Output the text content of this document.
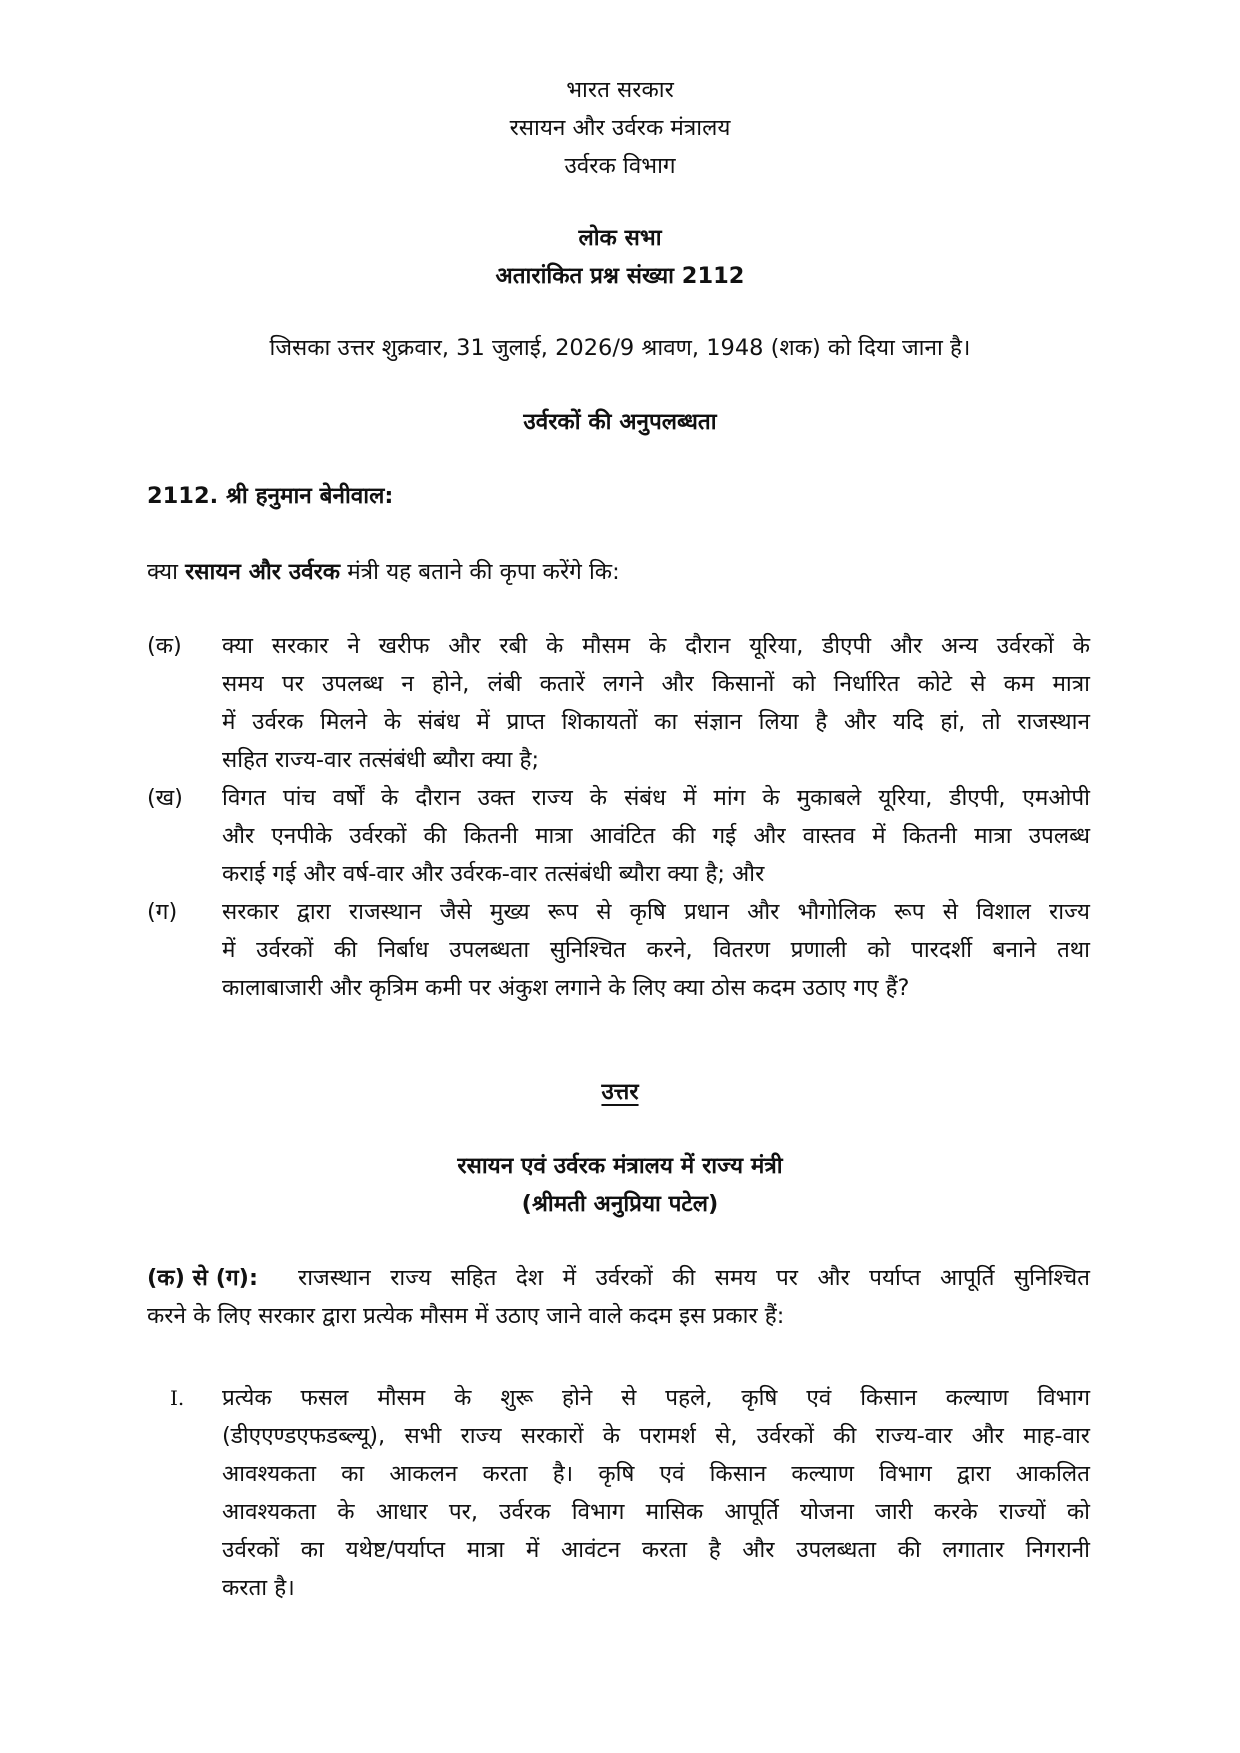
भारत सरकार
रसायन और उर्वरक मंत्रालय
उर्वरक विभाग
लोक सभा
अतारांकित प्रश्न संख्या 2112
जिसका उत्तर शुक्रवार, 31 जुलाई, 2026/9 श्रावण, 1948 (शक) को दिया जाना है।
उर्वरकों की अनुपलब्धता
2112. श्री हनुमान बेनीवाल:
क्या रसायन और उर्वरक मंत्री यह बताने की कृपा करेंगे कि:
(क) क्या सरकार ने खरीफ और रबी के मौसम के दौरान यूरिया, डीएपी और अन्य उर्वरकों के
समय पर उपलब्ध न होने, लंबी कतारें लगने और किसानों को निर्धारित कोटे से कम मात्रा
में उर्वरक मिलने के संबंध में प्राप्त शिकायतों का संज्ञान लिया है और यदि हां, तो राजस्थान
सहित राज्य-वार तत्संबंधी ब्यौरा क्या है;
(ख) विगत पांच वर्षों के दौरान उक्त राज्य के संबंध में मांग के मुकाबले यूरिया, डीएपी, एमओपी
और एनपीके उर्वरकों की कितनी मात्रा आवंटित की गई और वास्तव में कितनी मात्रा उपलब्ध
कराई गई और वर्ष-वार और उर्वरक-वार तत्संबंधी ब्यौरा क्या है; और
(ग) सरकार द्वारा राजस्थान जैसे मुख्य रूप से कृषि प्रधान और भौगोलिक रूप से विशाल राज्य
में उर्वरकों की निर्बाध उपलब्धता सुनिश्चित करने, वितरण प्रणाली को पारदर्शी बनाने तथा
कालाबाजारी और कृत्रिम कमी पर अंकुश लगाने के लिए क्या ठोस कदम उठाए गए हैं?
उत्तर
रसायन एवं उर्वरक मंत्रालय में राज्य मंत्री
(श्रीमती अनुप्रिया पटेल)
(क) से (ग): राजस्थान राज्य सहित देश में उर्वरकों की समय पर और पर्याप्त आपूर्ति सुनिश्चित
करने के लिए सरकार द्वारा प्रत्येक मौसम में उठाए जाने वाले कदम इस प्रकार हैं:
I. प्रत्येक फसल मौसम के शुरू होने से पहले, कृषि एवं किसान कल्याण विभाग
(डीएएण्डएफडब्ल्यू), सभी राज्य सरकारों के परामर्श से, उर्वरकों की राज्य-वार और माह-वार
आवश्यकता का आकलन करता है। कृषि एवं किसान कल्याण विभाग द्वारा आकलित
आवश्यकता के आधार पर, उर्वरक विभाग मासिक आपूर्ति योजना जारी करके राज्यों को
उर्वरकों का यथेष्ट/पर्याप्त मात्रा में आवंटन करता है और उपलब्धता की लगातार निगरानी
करता है।
